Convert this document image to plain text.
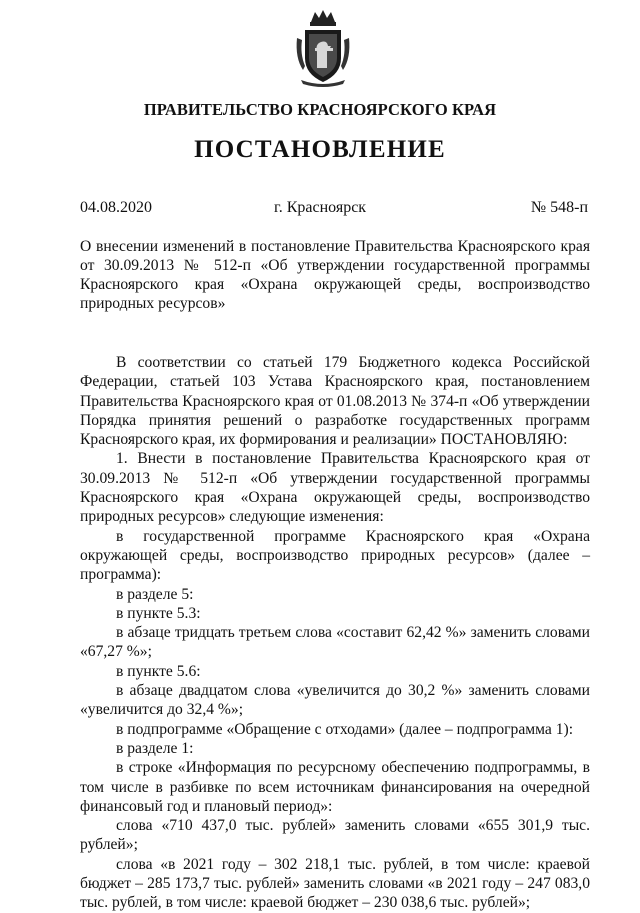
ПРАВИТЕЛЬСТВО КРАСНОЯРСКОГО КРАЯ
ПОСТАНОВЛЕНИЕ
04.08.2020	г. Красноярск	№ 548-п
О внесении изменений в постановление Правительства Красноярского края от 30.09.2013 № 512-п «Об утверждении государственной программы Красноярского края «Охрана окружающей среды, воспроизводство природных ресурсов»

В соответствии со статьей 179 Бюджетного кодекса Российской Федерации, статьей 103 Устава Красноярского края, постановлением Правительства Красноярского края от 01.08.2013 № 374-п «Об утверждении Порядка принятия решений о разработке государственных программ Красноярского края, их формирования и реализации» ПОСТАНОВЛЯЮ:

1. Внести в постановление Правительства Красноярского края от 30.09.2013 № 512-п «Об утверждении государственной программы Красноярского края «Охрана окружающей среды, воспроизводство природных ресурсов» следующие изменения:

в государственной программе Красноярского края «Охрана окружающей среды, воспроизводство природных ресурсов» (далее – программа):

в разделе 5:

в пункте 5.3:

в абзаце тридцать третьем слова «составит 62,42 %» заменить словами «67,27 %»;

в пункте 5.6:

в абзаце двадцатом слова «увеличится до 30,2 %» заменить словами «увеличится до 32,4 %»;

в подпрограмме «Обращение с отходами» (далее – подпрограмма 1):

в разделе 1:

в строке «Информация по ресурсному обеспечению подпрограммы, в том числе в разбивке по всем источникам финансирования на очередной финансовый год и плановый период»:

слова «710 437,0 тыс. рублей» заменить словами «655 301,9 тыс. рублей»;

слова «в 2021 году – 302 218,1 тыс. рублей, в том числе: краевой бюджет – 285 173,7 тыс. рублей» заменить словами «в 2021 году – 247 083,0 тыс. рублей, в том числе: краевой бюджет – 230 038,6 тыс. рублей»;
